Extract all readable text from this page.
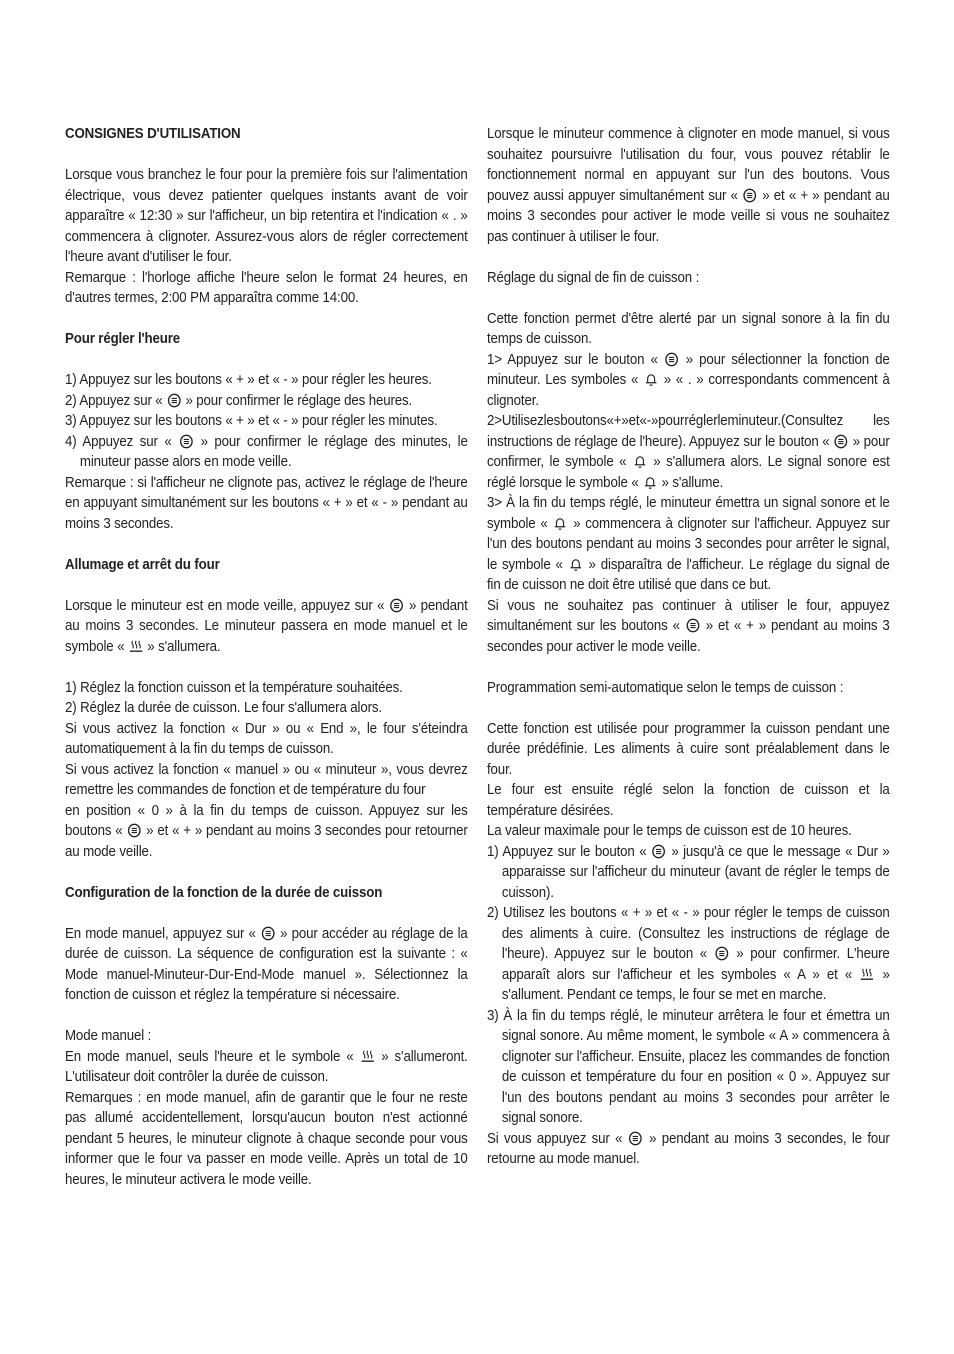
CONSIGNES D'UTILISATION

Lorsque vous branchez le four pour la première fois sur l'alimentation électrique, vous devez patienter quelques instants avant de voir apparaître « 12:30 » sur l'afficheur, un bip retentira et l'indication « . » commencera à clignoter. Assurez-vous alors de régler correctement l'heure avant d'utiliser le four.

Remarque : l'horloge affiche l'heure selon le format 24 heures, en d'autres termes, 2:00 PM apparaîtra comme 14:00.

Pour régler l'heure

1) Appuyez sur les boutons « + » et « - » pour régler les heures.

2) Appuyez sur « » pour confirmer le réglage des heures.

3) Appuyez sur les boutons « + » et « - » pour régler les minutes.

4) Appuyez sur « » pour confirmer le réglage des minutes, le minuteur passe alors en mode veille.

Remarque : si l'afficheur ne clignote pas, activez le réglage de l'heure en appuyant simultanément sur les boutons « + » et « - » pendant au moins 3 secondes.

Allumage et arrêt du four

Lorsque le minuteur est en mode veille, appuyez sur « » pendant au moins 3 secondes. Le minuteur passera en mode manuel et le symbole « » s'allumera.

1) Réglez la fonction cuisson et la température souhaitées.

2) Réglez la durée de cuisson. Le four s'allumera alors.

Si vous activez la fonction « Dur » ou « End », le four s'éteindra automatiquement à la fin du temps de cuisson.

Si vous activez la fonction « manuel » ou « minuteur », vous devrez remettre les commandes de fonction et de température du four

en position « 0 » à la fin du temps de cuisson. Appuyez sur les boutons « » et « + » pendant au moins 3 secondes pour retourner au mode veille.

Configuration de la fonction de la durée de cuisson

En mode manuel, appuyez sur « » pour accéder au réglage de la durée de cuisson. La séquence de configuration est la suivante : « Mode manuel-Minuteur-Dur-End-Mode manuel ». Sélectionnez la fonction de cuisson et réglez la température si nécessaire.

Mode manuel :

En mode manuel, seuls l'heure et le symbole « » s'allumeront. L'utilisateur doit contrôler la durée de cuisson.

Remarques : en mode manuel, afin de garantir que le four ne reste pas allumé accidentellement, lorsqu'aucun bouton n'est actionné pendant 5 heures, le minuteur clignote à chaque seconde pour vous informer que le four va passer en mode veille. Après un total de 10 heures, le minuteur activera le mode veille.

Lorsque le minuteur commence à clignoter en mode manuel, si vous souhaitez poursuivre l'utilisation du four, vous pouvez rétablir le fonctionnement normal en appuyant sur l'un des boutons. Vous pouvez aussi appuyer simultanément sur « » et « + » pendant au moins 3 secondes pour activer le mode veille si vous ne souhaitez pas continuer à utiliser le four.

Réglage du signal de fin de cuisson :

Cette fonction permet d'être alerté par un signal sonore à la fin du temps de cuisson.

1> Appuyez sur le bouton « » pour sélectionner la fonction de minuteur. Les symboles « » « . » correspondants commencent à clignoter.

2>Utilisezlesboutons«+»et«-»pourréglerleminuteur.(Consultez les instructions de réglage de l'heure). Appuyez sur le bouton « » pour confirmer, le symbole « » s'allumera alors. Le signal sonore est réglé lorsque le symbole « » s'allume.

3> À la fin du temps réglé, le minuteur émettra un signal sonore et le symbole « » commencera à clignoter sur l'afficheur. Appuyez sur l'un des boutons pendant au moins 3 secondes pour arrêter le signal, le symbole « » disparaîtra de l'afficheur. Le réglage du signal de fin de cuisson ne doit être utilisé que dans ce but.

Si vous ne souhaitez pas continuer à utiliser le four, appuyez simultanément sur les boutons « » et « + » pendant au moins 3 secondes pour activer le mode veille.

Programmation semi-automatique selon le temps de cuisson :

Cette fonction est utilisée pour programmer la cuisson pendant une durée prédéfinie. Les aliments à cuire sont préalablement dans le four.

Le four est ensuite réglé selon la fonction de cuisson et la température désirées.

La valeur maximale pour le temps de cuisson est de 10 heures.

1) Appuyez sur le bouton « » jusqu'à ce que le message « Dur » apparaisse sur l'afficheur du minuteur (avant de régler le temps de cuisson).

2) Utilisez les boutons « + » et « - » pour régler le temps de cuisson des aliments à cuire. (Consultez les instructions de réglage de l'heure). Appuyez sur le bouton « » pour confirmer. L'heure apparaît alors sur l'afficheur et les symboles « A » et « » s'allument. Pendant ce temps, le four se met en marche.

3) À la fin du temps réglé, le minuteur arrêtera le four et émettra un signal sonore. Au même moment, le symbole « A » commencera à clignoter sur l'afficheur. Ensuite, placez les commandes de fonction de cuisson et température du four en position « 0 ». Appuyez sur l'un des boutons pendant au moins 3 secondes pour arrêter le signal sonore.

Si vous appuyez sur « » pendant au moins 3 secondes, le four retourne au mode manuel.
